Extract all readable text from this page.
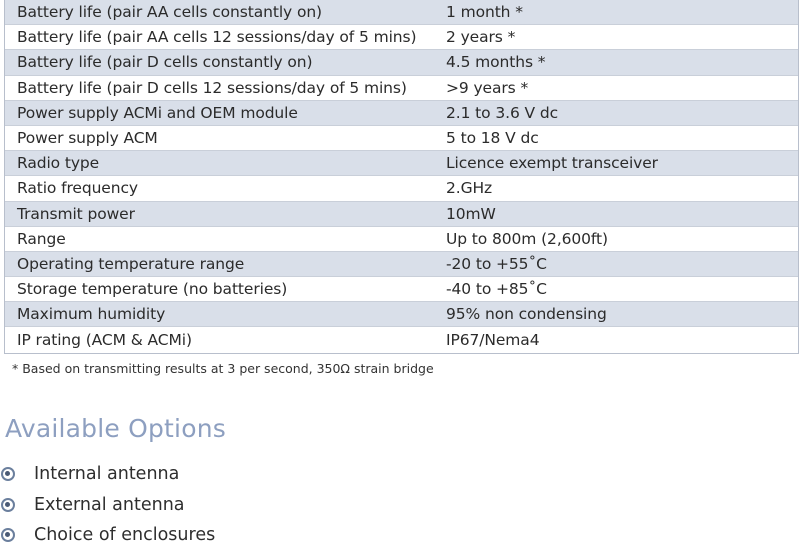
Battery life (pair AA cells constantly on)	1 month *
Battery life (pair AA cells 12 sessions/day of 5 mins)	2 years *
Battery life (pair D cells constantly on)	4.5 months *
Battery life (pair D cells 12 sessions/day of 5 mins)	>9 years *
Power supply ACMi and OEM module	2.1 to 3.6 V dc
Power supply ACM	5 to 18 V dc
Radio type	Licence exempt transceiver
Ratio frequency	2.GHz
Transmit power	10mW
Range	Up to 800m (2,600ft)
Operating temperature range	-20 to +55˚C
Storage temperature (no batteries)	-40 to +85˚C
Maximum humidity	95% non condensing
IP rating (ACM & ACMi)	IP67/Nema4
* Based on transmitting results at 3 per second, 350Ω strain bridge
Available Options
Internal antenna
External antenna
Choice of enclosures
